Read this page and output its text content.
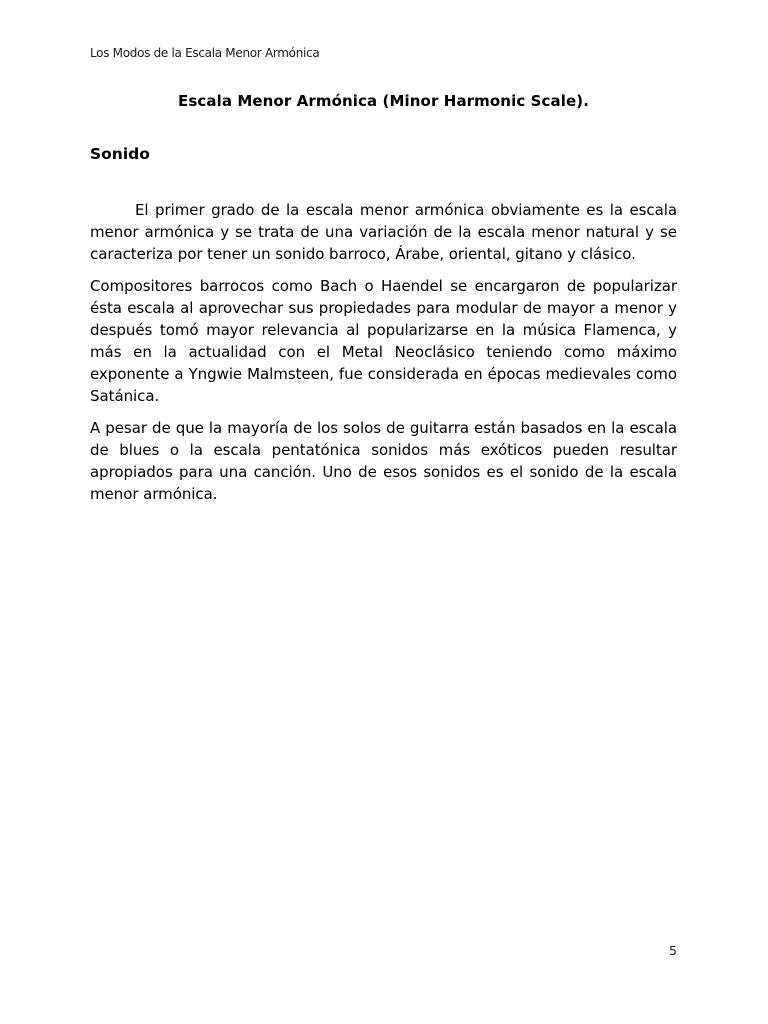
Los Modos de la Escala Menor Armónica
Escala Menor Armónica (Minor Harmonic Scale).
Sonido

El primer grado de la escala menor armónica obviamente es la escala menor armónica y se trata de una variación de la escala menor natural y se caracteriza por tener un sonido barroco, Árabe, oriental, gitano y clásico.

Compositores barrocos como Bach o Haendel se encargaron de popularizar ésta escala al aprovechar sus propiedades para modular de mayor a menor y después tomó mayor relevancia al popularizarse en la música Flamenca, y más en la actualidad con el Metal Neoclásico teniendo como máximo exponente a Yngwie Malmsteen, fue considerada en épocas medievales como Satánica.

A pesar de que la mayoría de los solos de guitarra están basados en la escala de blues o la escala pentatónica sonidos más exóticos pueden resultar apropiados para una canción. Uno de esos sonidos es el sonido de la escala menor armónica.

5
